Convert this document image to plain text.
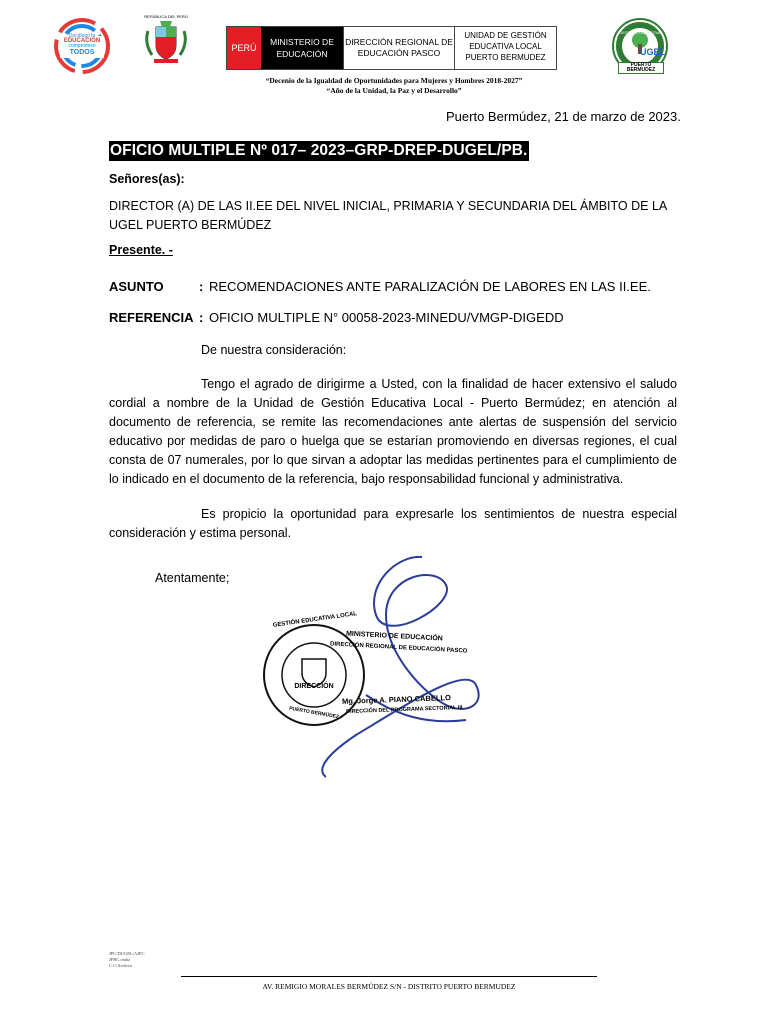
Decálogo la
EDUCACIÓN
compromiso
TODOS
REPÚBLICA DEL PERÚ
PERÚ
MINISTERIO DE EDUCACIÓN
DIRECCIÓN REGIONAL DE EDUCACIÓN PASCO
UNIDAD DE GESTIÓN EDUCATIVA LOCAL PUERTO BERMUDEZ
GESTIÓN EDUCATIVA
UGEL
PUERTO BERMUDEZ
“Decenio de la Igualdad de Oportunidades para Mujeres y Hombres 2018-2027”
“Año de la Unidad, la Paz y el Desarrollo”
Puerto Bermúdez, 21 de marzo de 2023.
OFICIO MULTIPLE Nº 017– 2023–GRP-DREP-DUGEL/PB.
Señores(as):
DIRECTOR (A) DE LAS II.EE DEL NIVEL INICIAL, PRIMARIA Y SECUNDARIA DEL ÁMBITO DE LA UGEL PUERTO BERMÚDEZ
Presente. -
ASUNTO	: RECOMENDACIONES ANTE PARALIZACIÓN DE LABORES EN LAS II.EE.
REFERENCIA : OFICIO MULTIPLE N° 00058-2023-MINEDU/VMGP-DIGEDD
De nuestra consideración:
Tengo el agrado de dirigirme a Usted, con la finalidad de hacer extensivo el saludo cordial a nombre de la Unidad de Gestión Educativa Local - Puerto Bermúdez; en atención al documento de referencia, se remite las recomendaciones ante alertas de suspensión del servicio educativo por medidas de paro o huelga que se estarían promoviendo en diversas regiones, el cual consta de 07 numerales, por lo que sirvan a adoptar las medidas pertinentes para el cumplimiento de lo indicado en el documento de la referencia, bajo responsabilidad funcional y administrativa.
Es propicio la oportunidad para expresarle los sentimientos de nuestra especial consideración y estima personal.
Atentamente;
GESTIÓN EDUCATIVA LOCAL
PUERTO BERMÚDEZ
DIRECCIÓN
MINISTERIO DE EDUCACIÓN
DIRECCIÓN REGIONAL DE EDUCACIÓN PASCO
Mg. Jorge A. PIANO CABELLO
DIRECCIÓN DEL PROGRAMA SECTORIAL III
JPC/DUGEL/AJFC
JFBC.cmbz
C.C/Archivo
AV. REMIGIO MORALES BERMÚDEZ S/N - DISTRITO PUERTO BERMUDEZ
